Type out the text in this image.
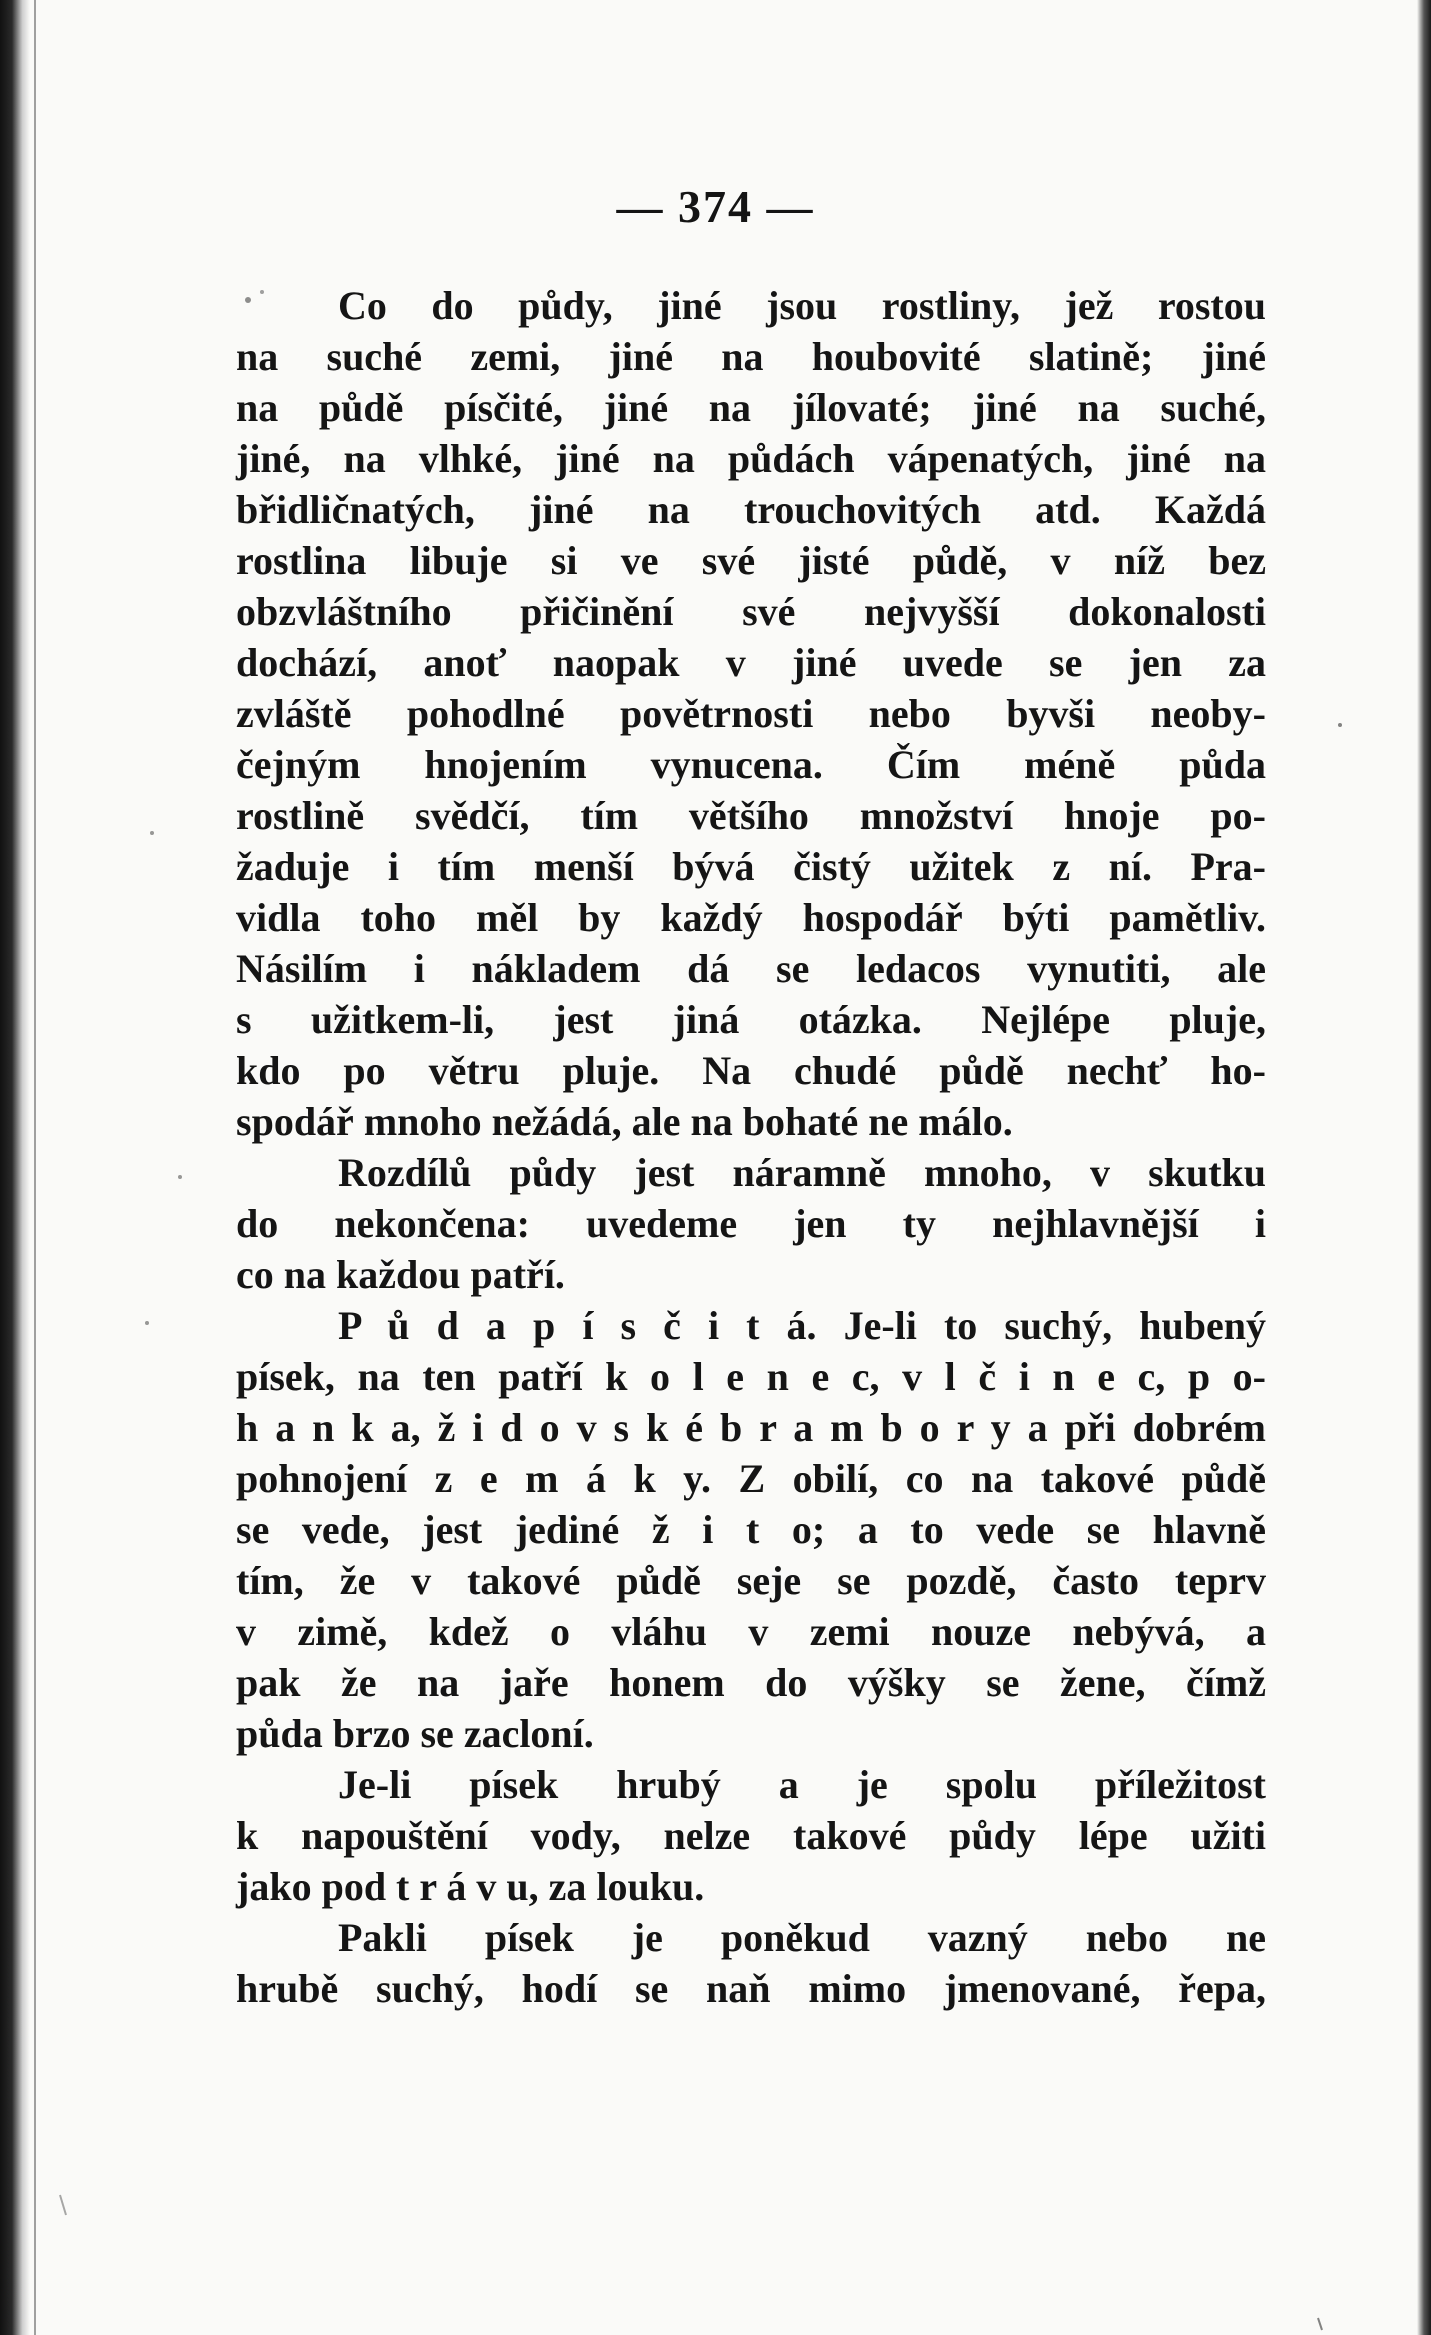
— 374 —
Co do půdy, jiné jsou rostliny, jež rostou
na suché zemi, jiné na houbovité slatině; jiné
na půdě písčité, jiné na jílovaté; jiné na suché,
jiné, na vlhké, jiné na půdách vápenatých, jiné na
břidličnatých, jiné na trouchovitých atd. Každá
rostlina libuje si ve své jisté půdě, v níž bez
obzvláštního přičinění své nejvyšší dokonalosti
dochází, anoť naopak v jiné uvede se jen za
zvláště pohodlné povětrnosti nebo byvši neoby-
čejným hnojením vynucena. Čím méně půda
rostlině svědčí, tím většího množství hnoje po-
žaduje i tím menší bývá čistý užitek z ní. Pra-
vidla toho měl by každý hospodář býti pamětliv.
Násilím i nákladem dá se ledacos vynutiti, ale
s užitkem-li, jest jiná otázka. Nejlépe pluje,
kdo po větru pluje. Na chudé půdě nechť ho-
spodář mnoho nežádá, ale na bohaté ne málo.
Rozdílů půdy jest náramně mnoho, v skutku
do nekončena: uvedeme jen ty nejhlavnější i
co na každou patří.
P ů d a p í s č i t á. Je-li to suchý, hubený
písek, na ten patří k o l e n e c, v l č i n e c, p o-
h a n k a, ž i d o v s k é b r a m b o r y a při dobrém
pohnojení z e m á k y. Z obilí, co na takové půdě
se vede, jest jediné ž i t o; a to vede se hlavně
tím, že v takové půdě seje se pozdě, často teprv
v zimě, kdež o vláhu v zemi nouze nebývá, a
pak že na jaře honem do výšky se žene, čímž
půda brzo se zacloní.
Je-li písek hrubý a je spolu příležitost
k napouštění vody, nelze takové půdy lépe užiti
jako pod t r á v u, za louku.
Pakli písek je poněkud vazný nebo ne
hrubě suchý, hodí se naň mimo jmenované, řepa,
